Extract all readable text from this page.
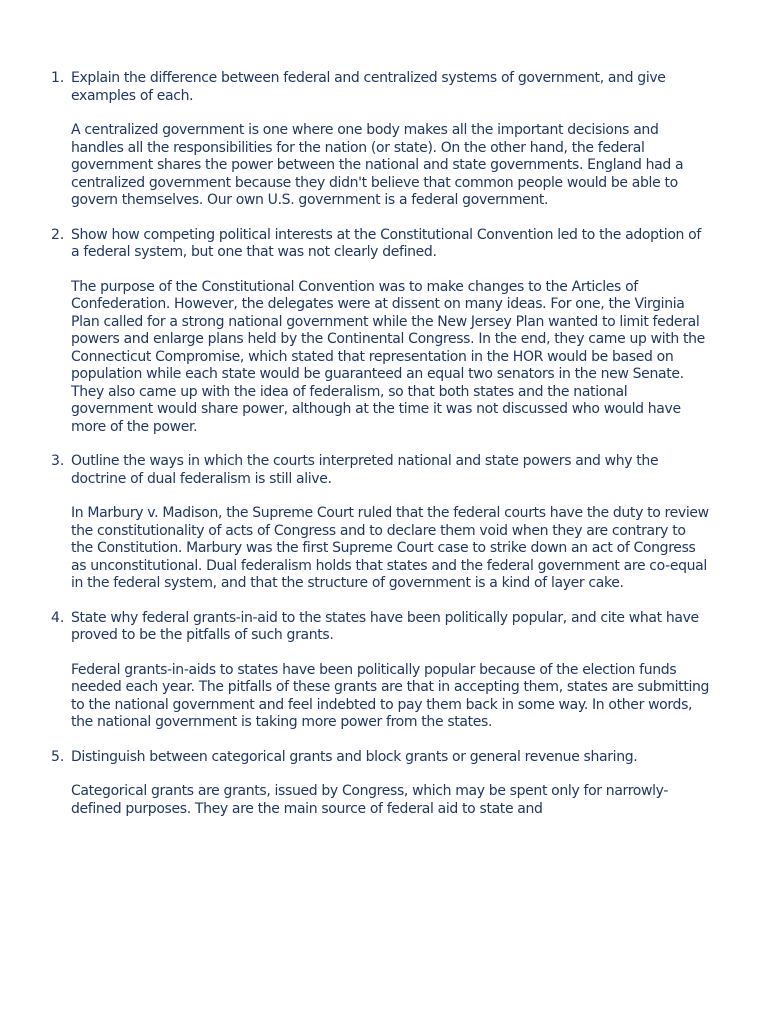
1. Explain the difference between federal and centralized systems of government, and give examples of each.

A centralized government is one where one body makes all the important decisions and handles all the responsibilities for the nation (or state). On the other hand, the federal government shares the power between the national and state governments. England had a centralized government because they didn't believe that common people would be able to govern themselves. Our own U.S. government is a federal government.

2. Show how competing political interests at the Constitutional Convention led to the adoption of a federal system, but one that was not clearly defined.

The purpose of the Constitutional Convention was to make changes to the Articles of Confederation. However, the delegates were at dissent on many ideas. For one, the Virginia Plan called for a strong national government while the New Jersey Plan wanted to limit federal powers and enlarge plans held by the Continental Congress. In the end, they came up with the Connecticut Compromise, which stated that representation in the HOR would be based on population while each state would be guaranteed an equal two senators in the new Senate. They also came up with the idea of federalism, so that both states and the national government would share power, although at the time it was not discussed who would have more of the power.

3. Outline the ways in which the courts interpreted national and state powers and why the doctrine of dual federalism is still alive.

In Marbury v. Madison, the Supreme Court ruled that the federal courts have the duty to review the constitutionality of acts of Congress and to declare them void when they are contrary to the Constitution. Marbury was the first Supreme Court case to strike down an act of Congress as unconstitutional. Dual federalism holds that states and the federal government are co-equal in the federal system, and that the structure of government is a kind of layer cake.

4. State why federal grants-in-aid to the states have been politically popular, and cite what have proved to be the pitfalls of such grants.

Federal grants-in-aids to states have been politically popular because of the election funds needed each year. The pitfalls of these grants are that in accepting them, states are submitting to the national government and feel indebted to pay them back in some way. In other words, the national government is taking more power from the states.

5. Distinguish between categorical grants and block grants or general revenue sharing.

Categorical grants are grants, issued by Congress, which may be spent only for narrowly-defined purposes. They are the main source of federal aid to state and
